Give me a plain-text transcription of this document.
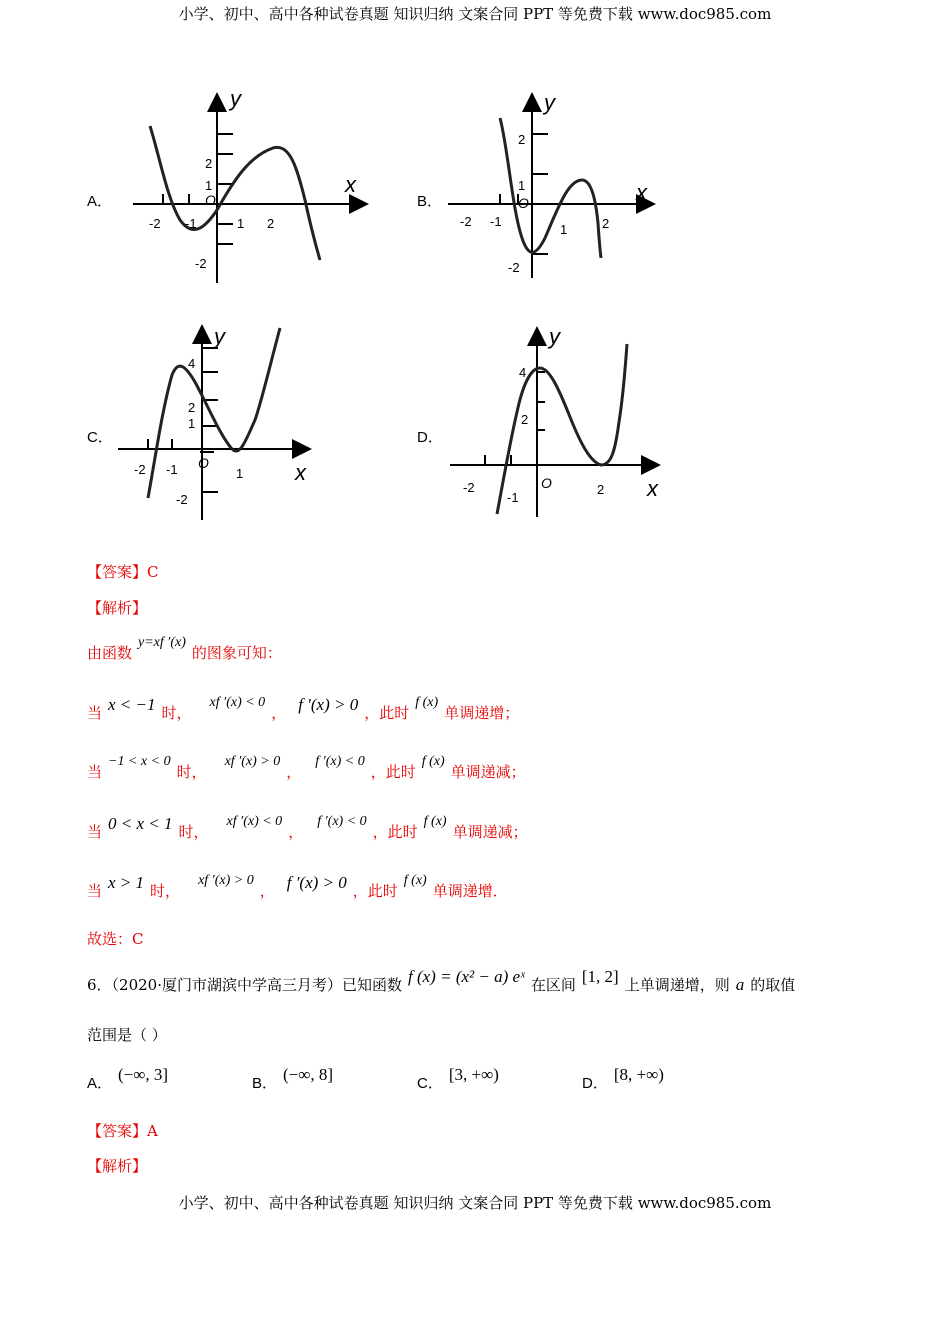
小学、初中、高中各种试卷真题 知识归纳 文案合同 PPT 等免费下载 www.doc985.com
A．
y
x
O
-2 -1	1 2
2
1
-2
B．
y
x
O
-2 -1
1	2
2
1
-2
C．
y
x
O
-2 -1	1
4
2
1
-2
D．
y
x
O
-2
-1
2
4
2
【答案】C
【解析】
由函数y=xf ′(x)的图象可知：
当 x < −1 时，xf ′(x) < 0， f ′(x) > 0 ，此时f (x)单调递增；
当−1 < x < 0时，xf ′(x) > 0，f ′(x) < 0，此时f (x)单调递减；
当 0 < x < 1 时，xf ′(x) < 0，f ′(x) < 0，此时f (x)单调递减；
当 x > 1 时，xf ′(x) > 0， f ′(x) > 0 ，此时f (x)单调递增．
故选：C
6．（2020·厦门市湖滨中学高三月考）已知函数 f (x) = (x² − a) eˣ 在区间 [1, 2] 上单调递增，则 a 的取值
范围是（ ）
A． (−∞, 3]	B． (−∞, 8]	C． [3, +∞)	D． [8, +∞)
【答案】A
【解析】
小学、初中、高中各种试卷真题 知识归纳 文案合同 PPT 等免费下载 www.doc985.com
